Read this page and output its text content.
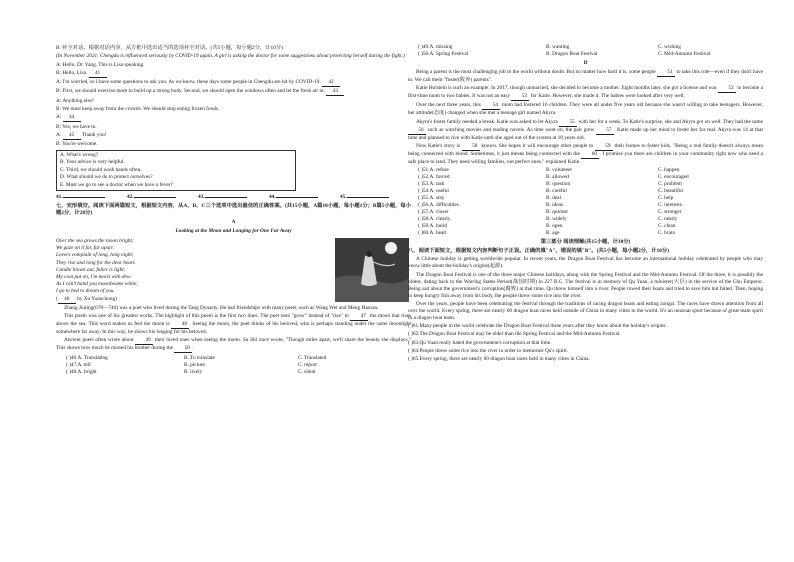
B. 补全对话。根据对话内容，从方框中选出适当的选项补全对话。(共5小题，每小题2分，计10分)

(In November 2021, Chengdu is influenced seriously by COVID-19 again. A girl is asking the doctor for some suggestions about protecting herself during the fight.)

A: Hello, Dr. Yang. This is Lisa speaking.

B: Hello, Lisa. 41

A: I'm worried, so I have some questions to ask you. As we know, these days some people in Chengdu are hit by COVID-19. 42

B: First, we should exercise more to build up a strong body. Second, we should open the windows often and let the fresh air in. 43

A: Anything else?

B: We must keep away from the crowds. We should stop eating frozen foods.

A: 44

B: Yes, we have to.

A: 45 Thank you!

B: You're welcome.

A. What's wrong?
B. Your advice is very helpful.
C. Third, we should wash hands often.
D. What should we do to protect ourselves?
E. Must we go to see a doctor when we have a fever?
41.	42.	43.	44.	45.

七、完形填空。阅读下面两篇短文，根据短文内容，从A、B、C三个选项中选出最佳的正确答案。(共15小题，A篇10小题，每小题1分；B篇5小题，每小题2分，计20分)

A
Looking at the Moon and Longing for One Far Away
Over the sea grows the moon bright;
We gaze on it far, far apart.
Lovers complain of long, long night;
They rise and long for the dear heart.
Candle blown out, fuller is light;
My coat put on, I'm moist with dew.
As I can't hand you moonbeams white;
I go to bed to dream of you.

( 46 by Xu Yuanchong)

Zhang Jiuling(678—740) was a poet who lived during the Tang Dynasty. He had friendships with many poets, such as Wang Wei and Meng Haoran.

This poem was one of his greatest works. The highlight of this poem is the first two lines. The poet uses "grow" instead of "rise" to 47 the moon that rises above the sea. This word makes us feel the moon is 48 . Seeing the moon, the poet thinks of his beloved, who is perhaps standing under the same moonlight somewhere far away. In this way, he shows his longing for his beloved.

Ancient poets often wrote about 49 their loved ones when seeing the moon. Su Shi once wrote, "Though miles apart, we'll share the beauty she displays." This shows how much he missed his brother during the 50 .

( )46.A. Translating	B. To translate	C. Translated
( )47.A. tell	B. picture	C. report
( )48.A. bright	B. lively	C. silent
( )49.A. missing	B. wanting	C. wishing
( )50.A. Spring Festival	B. Dragon Boat Festival	C. Mid-Autumn Festival
B

Being a parent is the most challenging job in the world without doubt. But no matter how hard it is, some people 51 to take this role—even if they don't have to. We call them "foster(收养) parents".

Katie Holstein is such an example. In 2017, though unmarried, she decided to become a mother. Eight months later, she got a license and was 52 to become a first-time mom to two babies. It was not an easy 53 for Katie. However, she made it. The babies were looked after very well.

Over the next three years, this 54 mom had fostered 16 children. They were all under five years old because she wasn't willing to take teenagers. However, her attitude(态度) changed when she met a teenage girl named Akyra.

Akyra's foster family needed a break. Katie was asked to let Akyra 55 with her for a week. To Katie's surprise, she and Akyra got on well. They had the same 56 such as watching movies and reading novels. As time went on, the pair grew 57 . Katie made up her mind to foster her for real. Akyra was 14 at that time and planned to live with Katie until she aged out of the system at 18 years old.

Now Katie's story is 58 known. She hopes it will encourage other people to 59 their homes to foster kids. "Being a real family doesn't always mean being connected with blood. Sometimes, it just means being connected with the 60 . I promise you there are children in your community right now who need a safe place to land. They need willing families, not perfect ones." explained Katie.

( )51.A. refuse	B. volunteer	C. happen
( )52.A. forced	B. allowed	C. encouraged
( )53.A. task	B. question	C. problem
( )54.A. useful	B. careful	C. beautiful
( )55.A. stay	B. deal	C. help
( )56.A. difficulties	B. ideas	C. interests
( )57.A. closer	B. quicker	C. stronger
( )58.A. clearly	B. widely	C. nearly
( )59.A. build	B. open	C. clean
( )60.A. heart	B. age	C. brain
第三部分 阅读理解(共15小题，计30分)

八、阅读下面短文，根据短文内容判断句子正误。正确的填"A"，错误的填"B"。(共5小题，每小题2分，计10分)

A Chinese holiday is getting worldwide popular. In recent years, the Dragon Boat Festival has become an international holiday celebrated by people who may know little about the holiday's origins(起源).

The Dragon Boat Festival is one of the three major Chinese holidays, along with the Spring Festival and the Mid-Autumn Festival. Of the three, it is possibly the oldest, dating back to the Warring States Period(战国时期) in 227 B.C. The festival is in memory of Qu Yuan, a minister(大臣) in the service of the Chu Emperor. Being sad about the government's corruption(腐败) at that time, Qu threw himself into a river. People rowed their boats and tried to save him but failed. Then, hoping to keep hungry fish away from his body, the people threw some rice into the river.

Over the years, people have been celebrating the festival through the traditions of racing dragon boats and eating zongzi. The races have drawn attention from all over the world. Every spring, there are nearly 60 dragon boat races held outside of China in many cities in the world. It's an unusual sport because of great team spirit in a dragon boat team.

( )61.Many people in the world celebrate the Dragon Boat Festival these years after they know about the holiday's origins.

( )62.The Dragon Boat Festival may be older than the Spring Festival and the Mid-Autumn Festival.

( )63.Qu Yuan really hated the government's corruption at that time.

( )64.People threw some rice into the river in order to memorize Qu's spirit.

( )65.Every spring, there are nearly 60 dragon boat races held in many cities in China.
